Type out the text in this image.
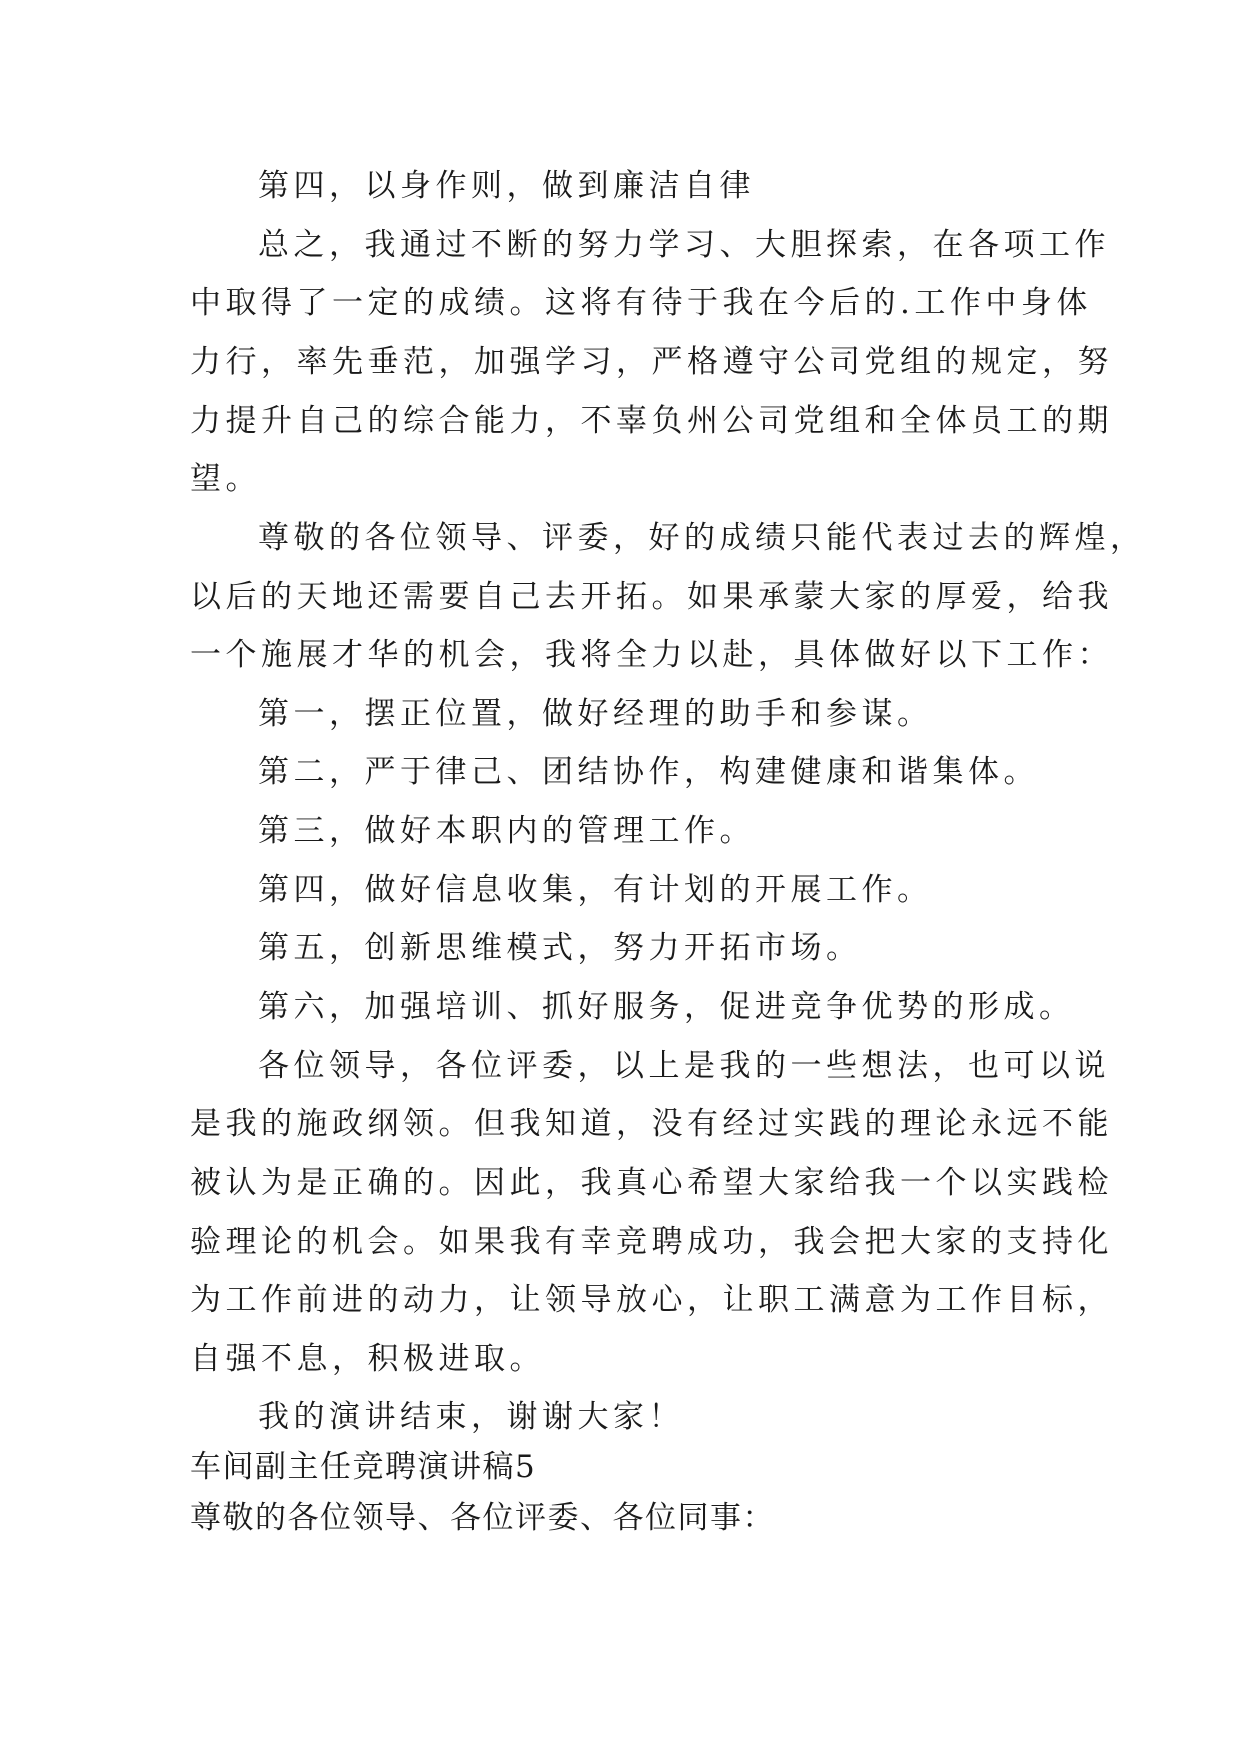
第四，以身作则，做到廉洁自律
总之，我通过不断的努力学习、大胆探索，在各项工作
中取得了一定的成绩。这将有待于我在今后的.工作中身体
力行，率先垂范，加强学习，严格遵守公司党组的规定，努
力提升自己的综合能力，不辜负州公司党组和全体员工的期
望。
尊敬的各位领导、评委，好的成绩只能代表过去的辉煌，
以后的天地还需要自己去开拓。如果承蒙大家的厚爱，给我
一个施展才华的机会，我将全力以赴，具体做好以下工作：
第一，摆正位置，做好经理的助手和参谋。
第二，严于律己、团结协作，构建健康和谐集体。
第三，做好本职内的管理工作。
第四，做好信息收集，有计划的开展工作。
第五，创新思维模式，努力开拓市场。
第六，加强培训、抓好服务，促进竞争优势的形成。
各位领导，各位评委，以上是我的一些想法，也可以说
是我的施政纲领。但我知道，没有经过实践的理论永远不能
被认为是正确的。因此，我真心希望大家给我一个以实践检
验理论的机会。如果我有幸竞聘成功，我会把大家的支持化
为工作前进的动力，让领导放心，让职工满意为工作目标，
自强不息，积极进取。
我的演讲结束，谢谢大家！
车间副主任竞聘演讲稿5
尊敬的各位领导、各位评委、各位同事：
